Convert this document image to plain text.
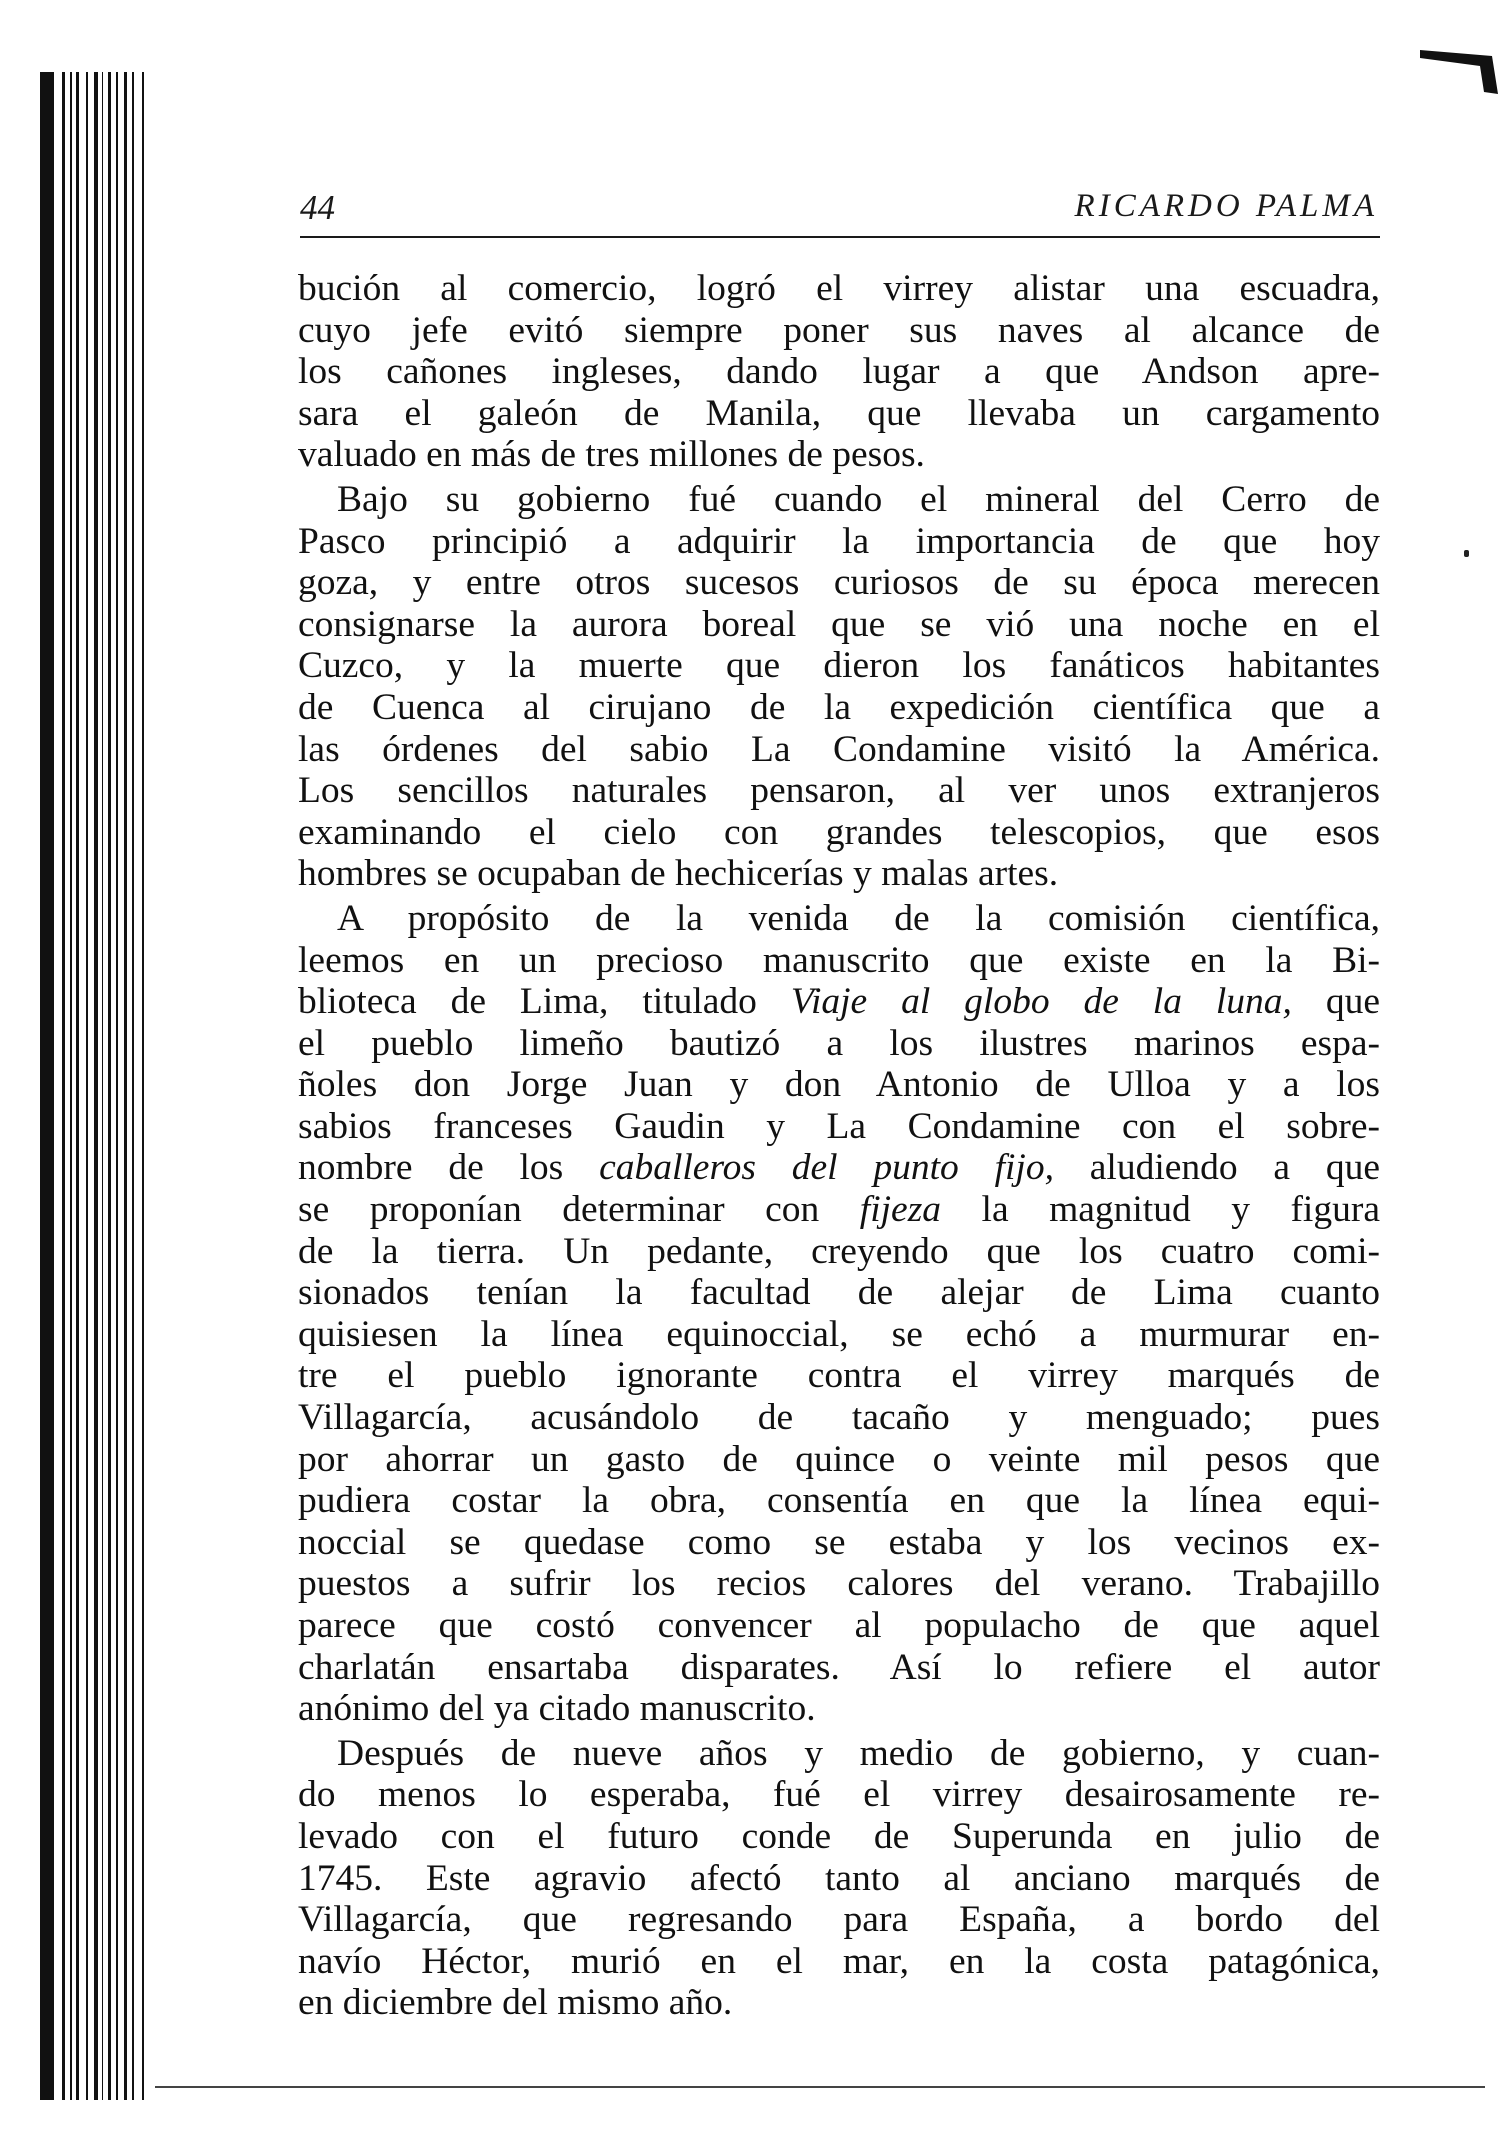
44	RICARDO PALMA

bución al comercio, logró el virrey alistar una escuadra,
cuyo jefe evitó siempre poner sus naves al alcance de
los cañones ingleses, dando lugar a que Andson apre-
sara el galeón de Manila, que llevaba un cargamento
valuado en más de tres millones de pesos.

Bajo su gobierno fué cuando el mineral del Cerro de
Pasco principió a adquirir la importancia de que hoy
goza, y entre otros sucesos curiosos de su época merecen
consignarse la aurora boreal que se vió una noche en el
Cuzco, y la muerte que dieron los fanáticos habitantes
de Cuenca al cirujano de la expedición científica que a
las órdenes del sabio La Condamine visitó la América.
Los sencillos naturales pensaron, al ver unos extranjeros
examinando el cielo con grandes telescopios, que esos
hombres se ocupaban de hechicerías y malas artes.

A propósito de la venida de la comisión científica,
leemos en un precioso manuscrito que existe en la Bi-
blioteca de Lima, titulado Viaje al globo de la luna, que
el pueblo limeño bautizó a los ilustres marinos espa-
ñoles don Jorge Juan y don Antonio de Ulloa y a los
sabios franceses Gaudin y La Condamine con el sobre-
nombre de los caballeros del punto fijo, aludiendo a que
se proponían determinar con fijeza la magnitud y figura
de la tierra. Un pedante, creyendo que los cuatro comi-
sionados tenían la facultad de alejar de Lima cuanto
quisiesen la línea equinoccial, se echó a murmurar en-
tre el pueblo ignorante contra el virrey marqués de
Villagarcía, acusándolo de tacaño y menguado; pues
por ahorrar un gasto de quince o veinte mil pesos que
pudiera costar la obra, consentía en que la línea equi-
noccial se quedase como se estaba y los vecinos ex-
puestos a sufrir los recios calores del verano. Trabajillo
parece que costó convencer al populacho de que aquel
charlatán ensartaba disparates. Así lo refiere el autor
anónimo del ya citado manuscrito.

Después de nueve años y medio de gobierno, y cuan-
do menos lo esperaba, fué el virrey desairosamente re-
levado con el futuro conde de Superunda en julio de
1745. Este agravio afectó tanto al anciano marqués de
Villagarcía, que regresando para España, a bordo del
navío Héctor, murió en el mar, en la costa patagónica,
en diciembre del mismo año.
